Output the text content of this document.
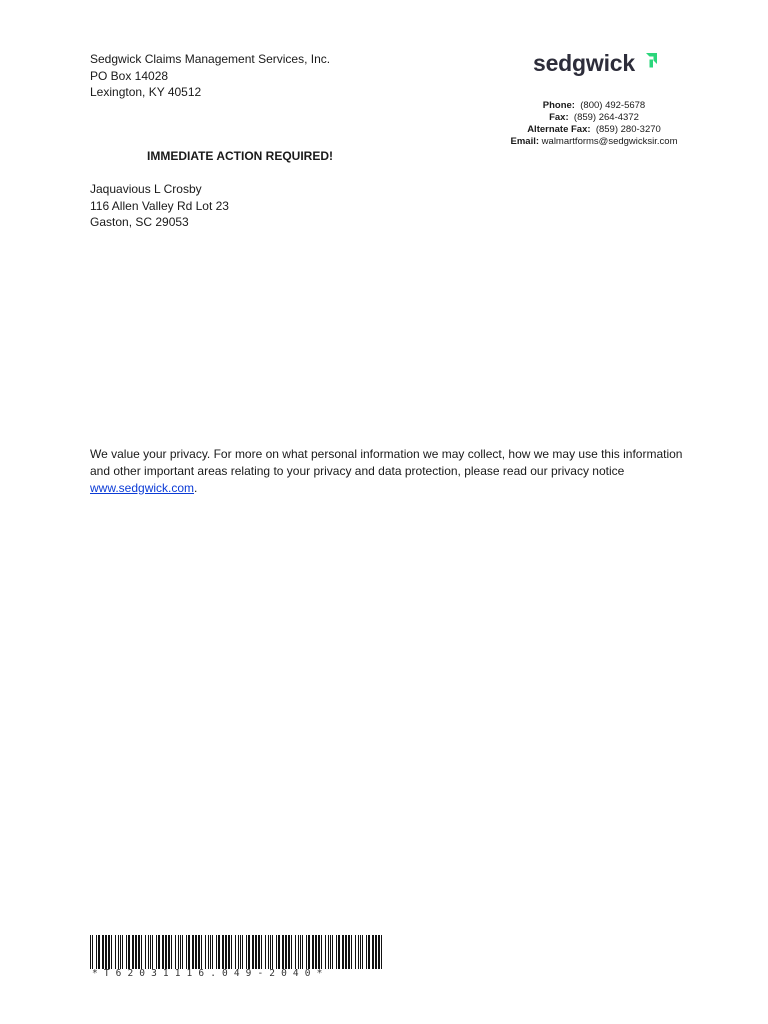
Sedgwick Claims Management Services, Inc.
PO Box 14028
Lexington, KY 40512
sedgwick
Phone: (800) 492-5678
Fax: (859) 264-4372
Alternate Fax: (859) 280-3270
Email: walmartforms@sedgwicksir.com
IMMEDIATE ACTION REQUIRED!
Jaquavious L Crosby
116 Allen Valley Rd Lot 23
Gaston, SC 29053
We value your privacy. For more on what personal information we may collect, how we may use this information and other important areas relating to your privacy and data protection, please read our privacy notice www.sedgwick.com.
*T62031116.049-2040*
